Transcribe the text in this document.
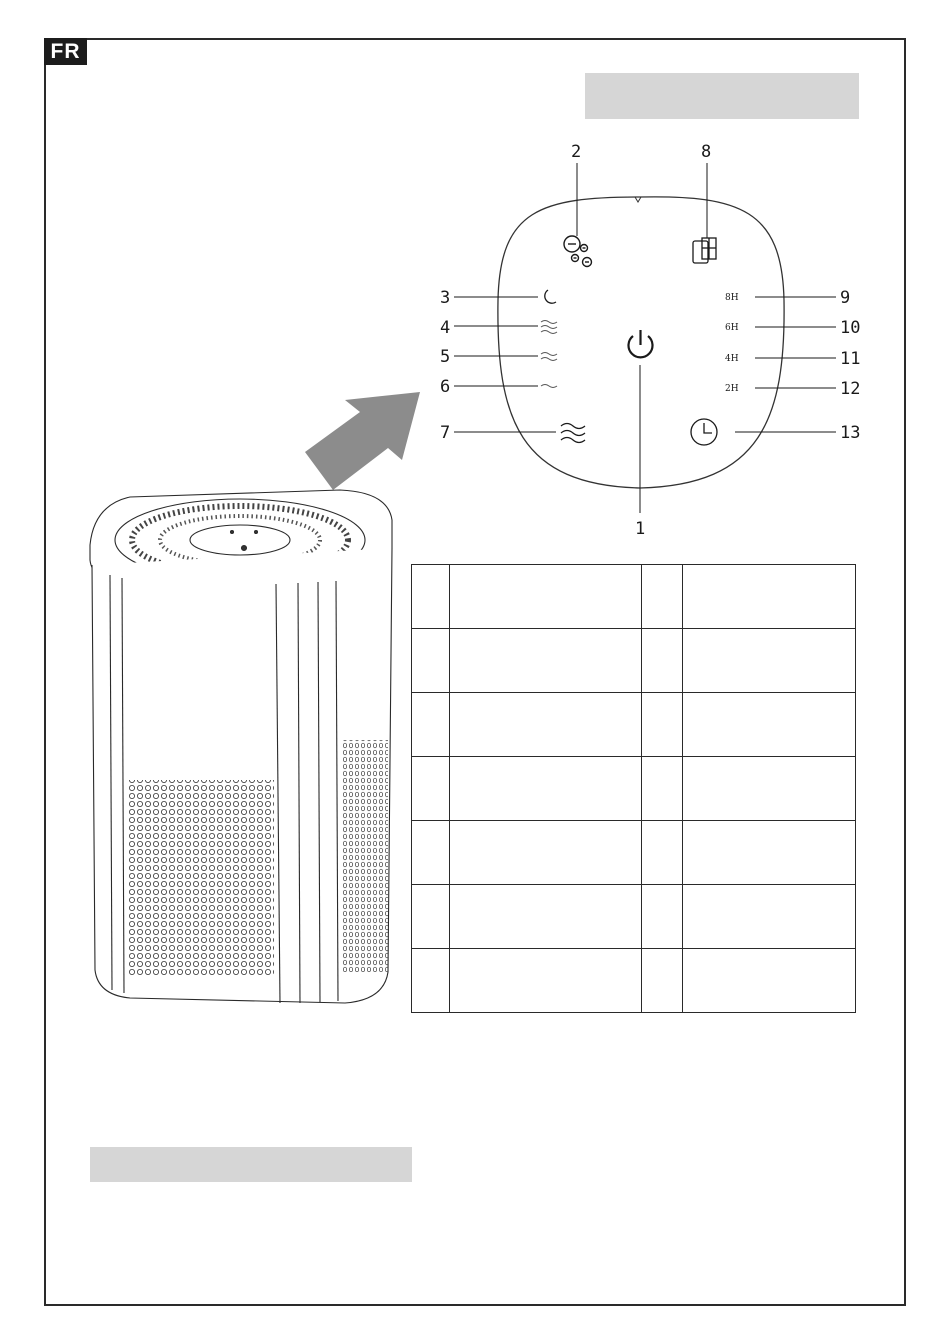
FR
8H
6H
4H
2H
1
2
3
4
5
6
7
8
9
10
11
12
13
